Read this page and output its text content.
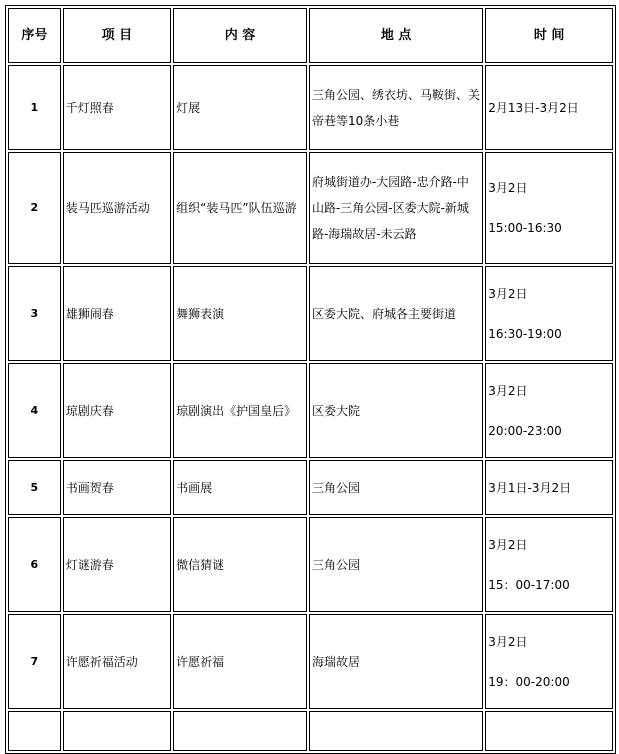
序号	项 目	内 容	地 点	时 间
1	千灯照春	灯展	三角公园、绣衣坊、马鞍街、关帝巷等10条小巷	2月13日-3月2日
2	装马匹巡游活动	组织“装马匹”队伍巡游	府城街道办-大园路-忠介路-中山路-三角公园-区委大院-新城路-海瑞故居-未云路	3月2日
15:00-16:30

3	雄狮闹春	舞狮表演	区委大院、府城各主要街道	3月2日
16:30-19:00

4	琼剧庆春	琼剧演出《护国皇后》	区委大院	3月2日
20:00-23:00

5	书画贺春	书画展	三角公园	3月1日-3月2日
6	灯谜游春	微信猜谜	三角公园	3月2日
15：00-17:00

7	许愿祈福活动	许愿祈福	海瑞故居	3月2日
19：00-20:00
